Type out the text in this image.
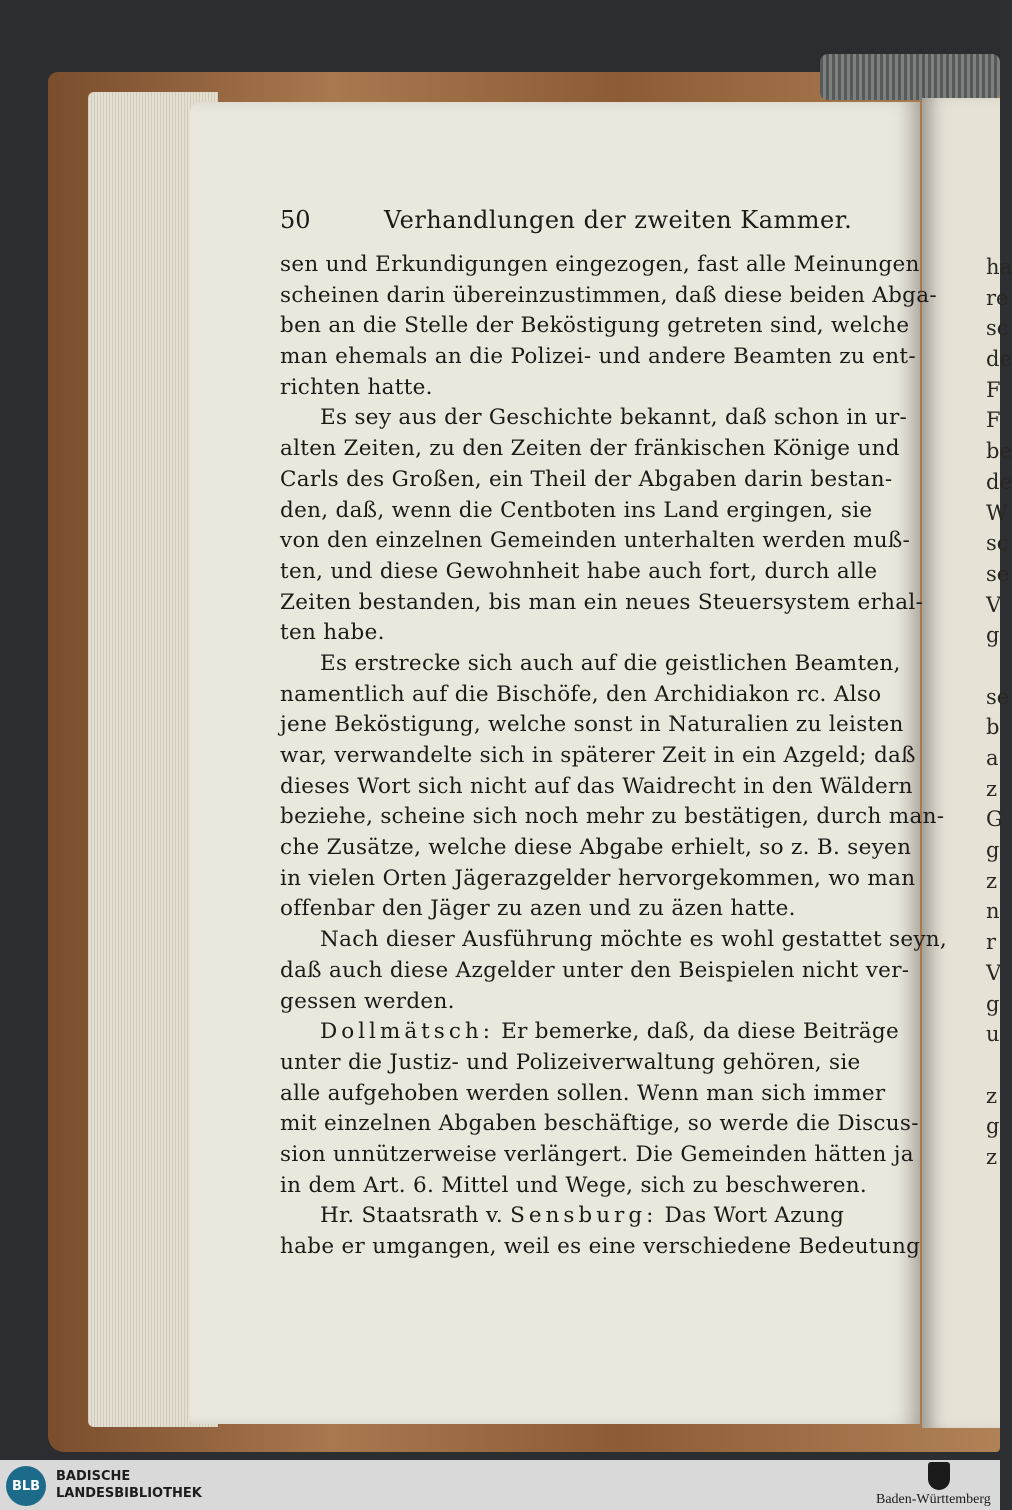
50	Verhandlungen der zweiten Kammer.
sen und Erkundigungen eingezogen, fast alle Meinungen
scheinen darin übereinzustimmen, daß diese beiden Abga-
ben an die Stelle der Beköstigung getreten sind, welche
man ehemals an die Polizei- und andere Beamten zu ent-
richten hatte.
Es sey aus der Geschichte bekannt, daß schon in ur-
alten Zeiten, zu den Zeiten der fränkischen Könige und
Carls des Großen, ein Theil der Abgaben darin bestan-
den, daß, wenn die Centboten ins Land ergingen, sie
von den einzelnen Gemeinden unterhalten werden muß-
ten, und diese Gewohnheit habe auch fort, durch alle
Zeiten bestanden, bis man ein neues Steuersystem erhal-
ten habe.
Es erstrecke sich auch auf die geistlichen Beamten,
namentlich auf die Bischöfe, den Archidiakon rc. Also
jene Beköstigung, welche sonst in Naturalien zu leisten
war, verwandelte sich in späterer Zeit in ein Azgeld; daß
dieses Wort sich nicht auf das Waidrecht in den Wäldern
beziehe, scheine sich noch mehr zu bestätigen, durch man-
che Zusätze, welche diese Abgabe erhielt, so z. B. seyen
in vielen Orten Jägerazgelder hervorgekommen, wo man
offenbar den Jäger zu azen und zu äzen hatte.
Nach dieser Ausführung möchte es wohl gestattet seyn,
daß auch diese Azgelder unter den Beispielen nicht ver-
gessen werden.
Dollmätsch: Er bemerke, daß, da diese Beiträge
unter die Justiz- und Polizeiverwaltung gehören, sie
alle aufgehoben werden sollen. Wenn man sich immer
mit einzelnen Abgaben beschäftige, so werde die Discus-
sion unnützerweise verlängert. Die Gemeinden hätten ja
in dem Art. 6. Mittel und Wege, sich zu beschweren.
Hr. Staatsrath v. Sensburg: Das Wort Azung
habe er umgangen, weil es eine verschiedene Bedeutung
ha
re
sc
de
F
F
be
de
W
sc
se
V
g
se
b
a
z
G
g
z
n
r
V
g
u
z
g
z
BLB
BADISCHE
LANDESBIBLIOTHEK	Baden-Württemberg
